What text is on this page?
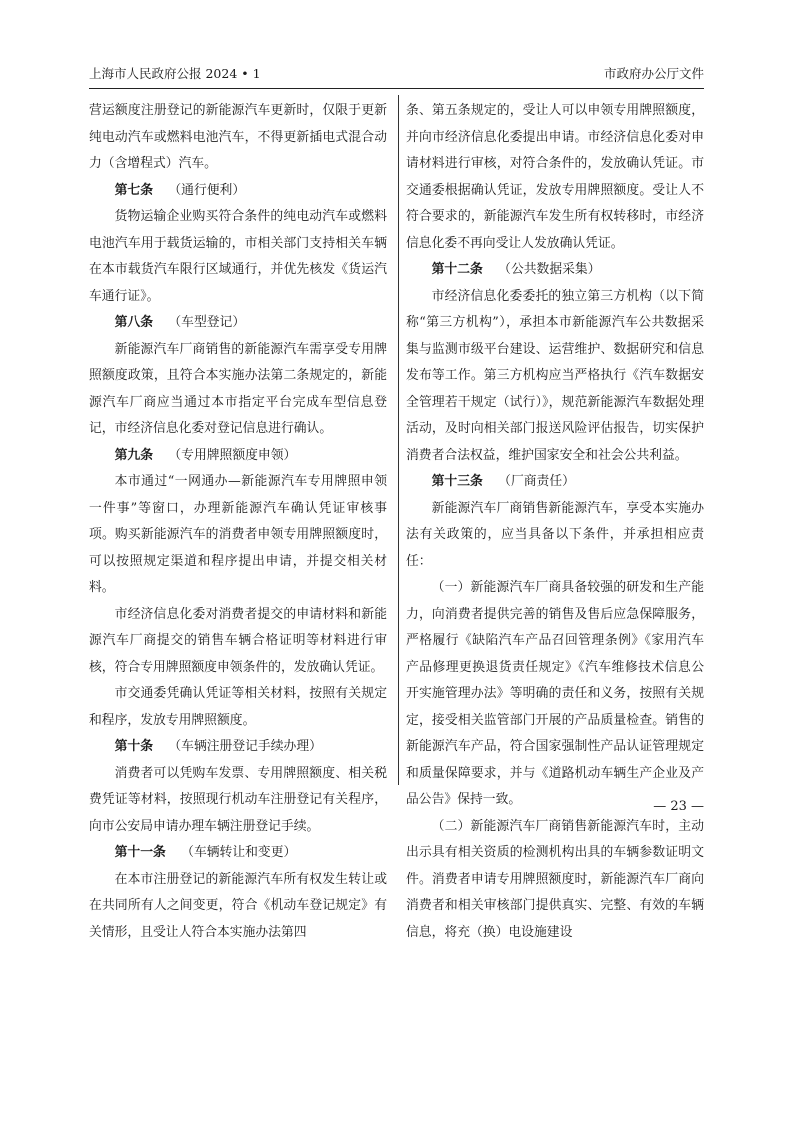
上海市人民政府公报 2024 • 1	市政府办公厅文件

营运额度注册登记的新能源汽车更新时，仅限于更新纯电动汽车或燃料电池汽车，不得更新插电式混合动力（含增程式）汽车。

第七条 （通行便利）

货物运输企业购买符合条件的纯电动汽车或燃料电池汽车用于载货运输的，市相关部门支持相关车辆在本市载货汽车限行区域通行，并优先核发《货运汽车通行证》。

第八条 （车型登记）

新能源汽车厂商销售的新能源汽车需享受专用牌照额度政策，且符合本实施办法第二条规定的，新能源汽车厂商应当通过本市指定平台完成车型信息登记，市经济信息化委对登记信息进行确认。

第九条 （专用牌照额度申领）

本市通过“一网通办—新能源汽车专用牌照申领一件事”等窗口，办理新能源汽车确认凭证审核事项。购买新能源汽车的消费者申领专用牌照额度时，可以按照规定渠道和程序提出申请，并提交相关材料。

市经济信息化委对消费者提交的申请材料和新能源汽车厂商提交的销售车辆合格证明等材料进行审核，符合专用牌照额度申领条件的，发放确认凭证。

市交通委凭确认凭证等相关材料，按照有关规定和程序，发放专用牌照额度。

第十条 （车辆注册登记手续办理）

消费者可以凭购车发票、专用牌照额度、相关税费凭证等材料，按照现行机动车注册登记有关程序，向市公安局申请办理车辆注册登记手续。

第十一条 （车辆转让和变更）

在本市注册登记的新能源汽车所有权发生转让或在共同所有人之间变更，符合《机动车登记规定》有关情形，且受让人符合本实施办法第四

条、第五条规定的，受让人可以申领专用牌照额度，并向市经济信息化委提出申请。市经济信息化委对申请材料进行审核，对符合条件的，发放确认凭证。市交通委根据确认凭证，发放专用牌照额度。受让人不符合要求的，新能源汽车发生所有权转移时，市经济信息化委不再向受让人发放确认凭证。

第十二条 （公共数据采集）

市经济信息化委委托的独立第三方机构（以下简称“第三方机构”），承担本市新能源汽车公共数据采集与监测市级平台建设、运营维护、数据研究和信息发布等工作。第三方机构应当严格执行《汽车数据安全管理若干规定（试行）》，规范新能源汽车数据处理活动，及时向相关部门报送风险评估报告，切实保护消费者合法权益，维护国家安全和社会公共利益。

第十三条 （厂商责任）

新能源汽车厂商销售新能源汽车，享受本实施办法有关政策的，应当具备以下条件，并承担相应责任：

（一）新能源汽车厂商具备较强的研发和生产能力，向消费者提供完善的销售及售后应急保障服务，严格履行《缺陷汽车产品召回管理条例》《家用汽车产品修理更换退货责任规定》《汽车维修技术信息公开实施管理办法》等明确的责任和义务，按照有关规定，接受相关监管部门开展的产品质量检查。销售的新能源汽车产品，符合国家强制性产品认证管理规定和质量保障要求，并与《道路机动车辆生产企业及产品公告》保持一致。

（二）新能源汽车厂商销售新能源汽车时，主动出示具有相关资质的检测机构出具的车辆参数证明文件。消费者申请专用牌照额度时，新能源汽车厂商向消费者和相关审核部门提供真实、完整、有效的车辆信息，将充（换）电设施建设

— 23 —
